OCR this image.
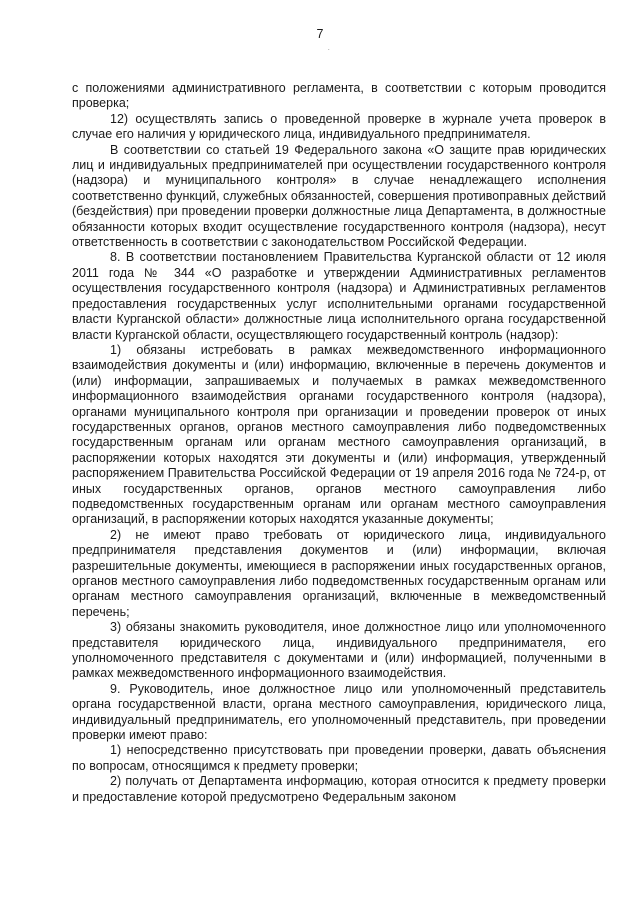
7
.

с положениями административного регламента, в соответствии с которым проводится проверка;

12) осуществлять запись о проведенной проверке в журнале учета проверок в случае его наличия у юридического лица, индивидуального предпринимателя.

В соответствии со статьей 19 Федерального закона «О защите прав юридических лиц и индивидуальных предпринимателей при осуществлении государственного контроля (надзора) и муниципального контроля» в случае ненадлежащего исполнения соответственно функций, служебных обязанностей, совершения противоправных действий (бездействия) при проведении проверки должностные лица Департамента, в должностные обязанности которых входит осуществление государственного контроля (надзора), несут ответственность в соответствии с законодательством Российской Федерации.

8. В соответствии постановлением Правительства Курганской области от 12 июля 2011 года № 344 «О разработке и утверждении Административных регламентов осуществления государственного контроля (надзора) и Административных регламентов предоставления государственных услуг исполнительными органами государственной власти Курганской области» должностные лица исполнительного органа государственной власти Курганской области, осуществляющего государственный контроль (надзор):

1) обязаны истребовать в рамках межведомственного информационного взаимодействия документы и (или) информацию, включенные в перечень документов и (или) информации, запрашиваемых и получаемых в рамках межведомственного информационного взаимодействия органами государственного контроля (надзора), органами муниципального контроля при организации и проведении проверок от иных государственных органов, органов местного самоуправления либо подведомственных государственным органам или органам местного самоуправления организаций, в распоряжении которых находятся эти документы и (или) информация, утвержденный распоряжением Правительства Российской Федерации от 19 апреля 2016 года № 724-р, от иных государственных органов, органов местного самоуправления либо подведомственных государственным органам или органам местного самоуправления организаций, в распоряжении которых находятся указанные документы;

2) не имеют право требовать от юридического лица, индивидуального предпринимателя представления документов и (или) информации, включая разрешительные документы, имеющиеся в распоряжении иных государственных органов, органов местного самоуправления либо подведомственных государственным органам или органам местного самоуправления организаций, включенные в межведомственный перечень;

3) обязаны знакомить руководителя, иное должностное лицо или уполномоченного представителя юридического лица, индивидуального предпринимателя, его уполномоченного представителя с документами и (или) информацией, полученными в рамках межведомственного информационного взаимодействия.

9. Руководитель, иное должностное лицо или уполномоченный представитель органа государственной власти, органа местного самоуправления, юридического лица, индивидуальный предприниматель, его уполномоченный представитель, при проведении проверки имеют право:

1) непосредственно присутствовать при проведении проверки, давать объяснения по вопросам, относящимся к предмету проверки;

2) получать от Департамента информацию, которая относится к предмету проверки и предоставление которой предусмотрено Федеральным законом
